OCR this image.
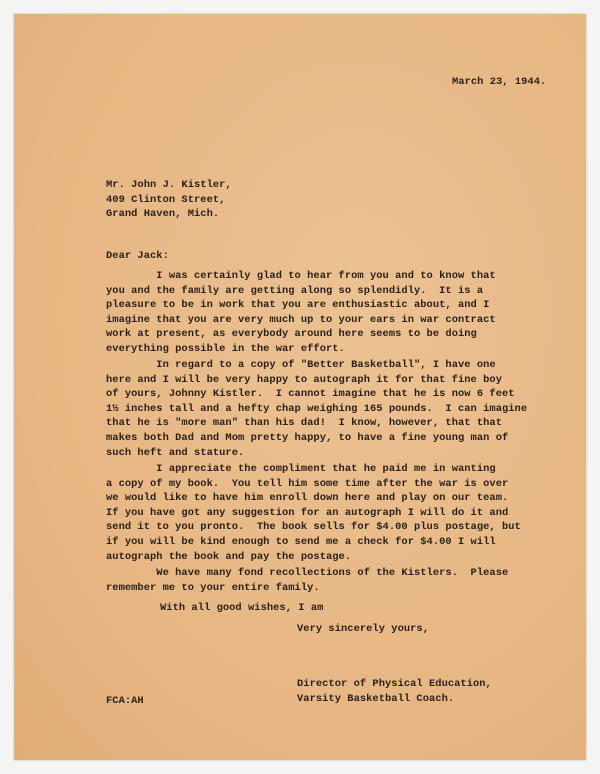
March 23, 1944.
Mr. John J. Kistler,
409 Clinton Street,
Grand Haven, Mich.
Dear Jack:
I was certainly glad to hear from you and to know that
you and the family are getting along so splendidly.  It is a
pleasure to be in work that you are enthusiastic about, and I
imagine that you are very much up to your ears in war contract
work at present, as everybody around here seems to be doing
everything possible in the war effort.
In regard to a copy of "Better Basketball", I have one
here and I will be very happy to autograph it for that fine boy
of yours, Johnny Kistler.  I cannot imagine that he is now 6 feet
1½ inches tall and a hefty chap weighing 165 pounds.  I can imagine
that he is "more man" than his dad!  I know, however, that that
makes both Dad and Mom pretty happy, to have a fine young man of
such heft and stature.
I appreciate the compliment that he paid me in wanting
a copy of my book.  You tell him some time after the war is over
we would like to have him enroll down here and play on our team.
If you have got any suggestion for an autograph I will do it and
send it to you pronto.  The book sells for $4.00 plus postage, but
if you will be kind enough to send me a check for $4.00 I will
autograph the book and pay the postage.
We have many fond recollections of the Kistlers.  Please
remember me to your entire family.
With all good wishes, I am
Very sincerely yours,
Director of Physical Education,
Varsity Basketball Coach.
FCA:AH
